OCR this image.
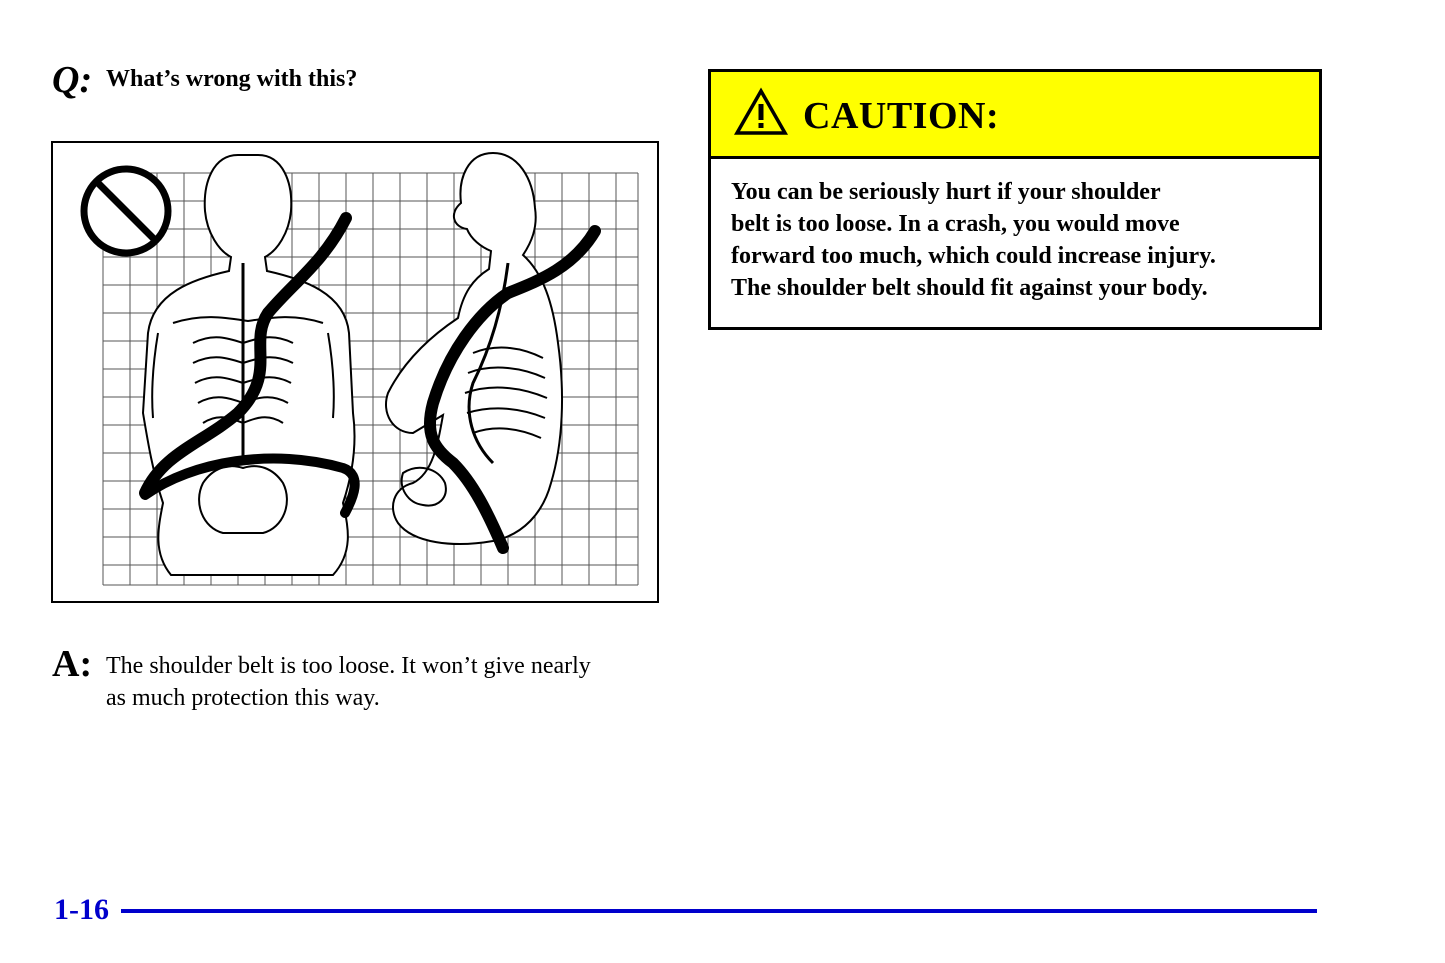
Q: What’s wrong with this?
A: The shoulder belt is too loose. It won’t give nearly
as much protection this way.
CAUTION:
You can be seriously hurt if your shoulder
belt is too loose. In a crash, you would move
forward too much, which could increase injury.
The shoulder belt should fit against your body.
1-16
